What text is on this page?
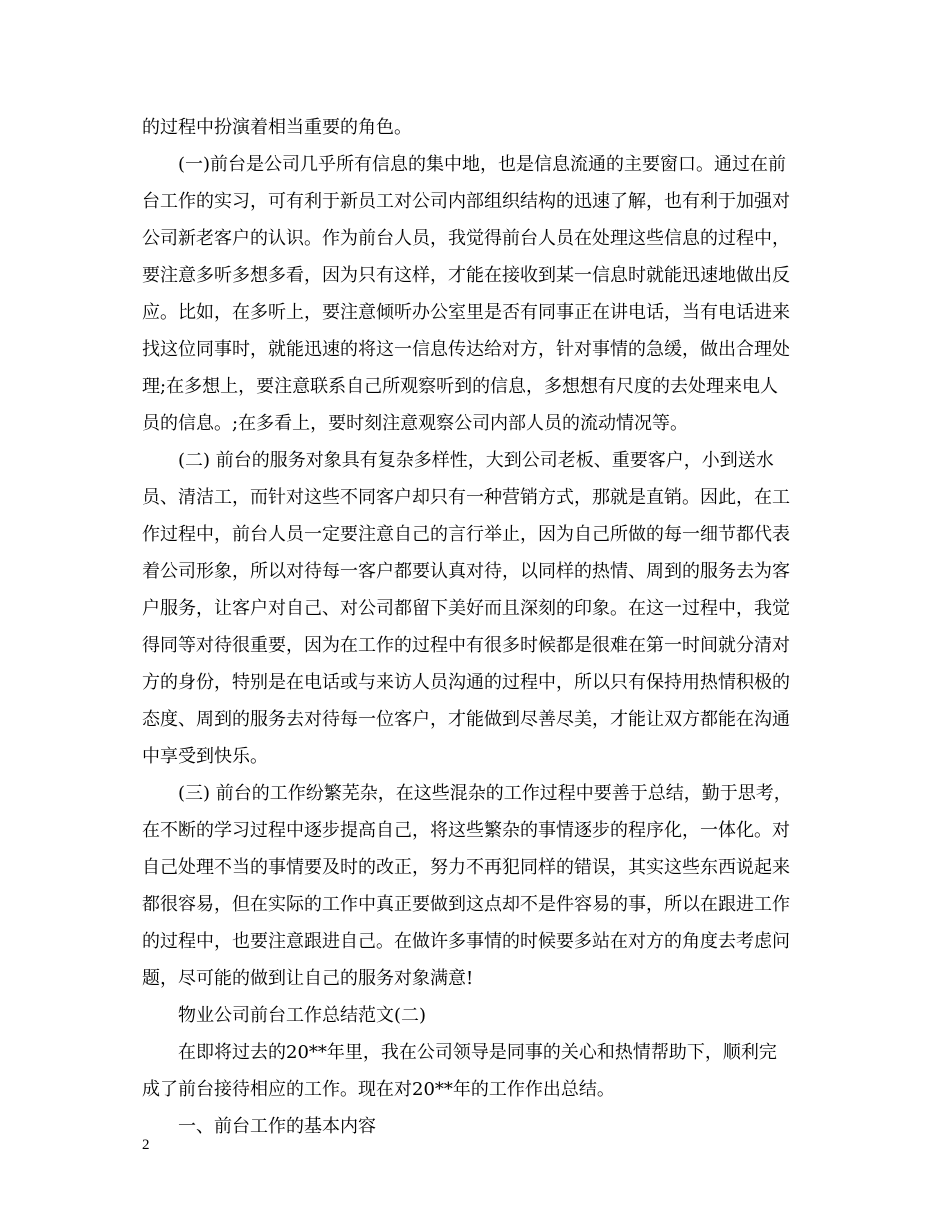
的过程中扮演着相当重要的角色。
　　(一)前台是公司几乎所有信息的集中地，也是信息流通的主要窗口。通过在前
台工作的实习，可有利于新员工对公司内部组织结构的迅速了解，也有利于加强对
公司新老客户的认识。作为前台人员，我觉得前台人员在处理这些信息的过程中，
要注意多听多想多看，因为只有这样，才能在接收到某一信息时就能迅速地做出反
应。比如，在多听上，要注意倾听办公室里是否有同事正在讲电话，当有电话进来
找这位同事时，就能迅速的将这一信息传达给对方，针对事情的急缓，做出合理处
理;在多想上，要注意联系自己所观察听到的信息，多想想有尺度的去处理来电人
员的信息。;在多看上，要时刻注意观察公司内部人员的流动情况等。
　　(二) 前台的服务对象具有复杂多样性，大到公司老板、重要客户，小到送水
员、清洁工，而针对这些不同客户却只有一种营销方式，那就是直销。因此，在工
作过程中，前台人员一定要注意自己的言行举止，因为自己所做的每一细节都代表
着公司形象，所以对待每一客户都要认真对待，以同样的热情、周到的服务去为客
户服务，让客户对自己、对公司都留下美好而且深刻的印象。在这一过程中，我觉
得同等对待很重要，因为在工作的过程中有很多时候都是很难在第一时间就分清对
方的身份，特别是在电话或与来访人员沟通的过程中，所以只有保持用热情积极的
态度、周到的服务去对待每一位客户，才能做到尽善尽美，才能让双方都能在沟通
中享受到快乐。
　　(三) 前台的工作纷繁芜杂，在这些混杂的工作过程中要善于总结，勤于思考，
在不断的学习过程中逐步提高自己，将这些繁杂的事情逐步的程序化，一体化。对
自己处理不当的事情要及时的改正，努力不再犯同样的错误，其实这些东西说起来
都很容易，但在实际的工作中真正要做到这点却不是件容易的事，所以在跟进工作
的过程中，也要注意跟进自己。在做许多事情的时候要多站在对方的角度去考虑问
题，尽可能的做到让自己的服务对象满意!
　　物业公司前台工作总结范文(二)
　　在即将过去的20**年里，我在公司领导是同事的关心和热情帮助下，顺利完
成了前台接待相应的工作。现在对20**年的工作作出总结。
　　一、前台工作的基本内容
2
